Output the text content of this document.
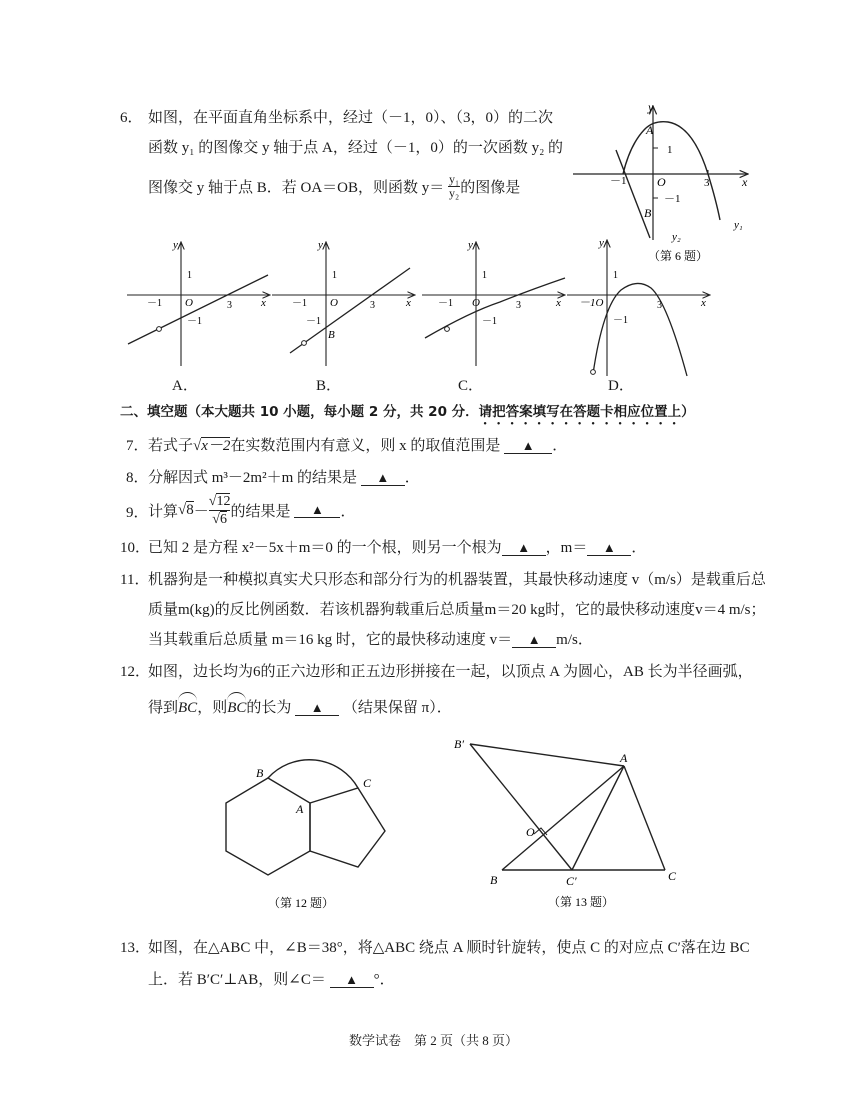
6． 如图，在平面直角坐标系中，经过（－1，0）、（3，0）的二次
函数 y₁ 的图像交 y 轴于点 A，经过（－1，0）的一次函数 y₂ 的
图像交 y 轴于点 B．若 OA＝OB，则函数 $y= \frac{\text{y₁}}{\text{y₂}}$ 的图像是
y
x
A
B
O
1
－1
－1
3
y₁
y₂
（第 6 题）
y
x
O
1
－1
－1
3
A．
y
x
O
1
－1
－1
3
B
B．
y
x
O
1
－1
－1
3
C．
y
x
－1O
1
－1
3
D．
二、填空题（本大题共 10 小题，每小题 2 分，共 20 分．请把答案填写在答题卡相应位置上）
7． 若式子√x－2在实数范围内有意义，则 x 的取值范围是 ▲ ．
8． 分解因式 m³－2m²＋m 的结果是 ▲ ．
9． 计算 √8 －
√12
√6 的结果是	▲	．
10．
已知 2 是方程 x²－5x＋m＝0 的一个根，则另一个根为 ▲ ，m＝ ▲ ．
11．
机器狗是一种模拟真实犬只形态和部分行为的机器装置，其最快移动速度 v（m/s）是载重后总
质量m(kg)的反比例函数．若该机器狗载重后总质量m＝20 kg时，它的最快移动速度v＝4 m/s；
当其载重后总质量 m＝16 kg 时，它的最快移动速度 v＝ ▲ m/s．
12．
如图，边长均为6的正六边形和正五边形拼接在一起，以顶点 A 为圆心，AB 长为半径画弧，
得到
BC，则
BC的长为 ▲ （结果保留 π）．
B
A
C
（第 12 题）
B′
A
O
B	C′	C
（第 13 题）
13．
如图，在△ABC 中，∠B＝38°，将△ABC 绕点 A 顺时针旋转，使点 C 的对应点 C′落在边 BC
上．若 B′C′⊥AB，则∠C＝ ▲ °．
数学试卷　第 2 页（共 8 页）
